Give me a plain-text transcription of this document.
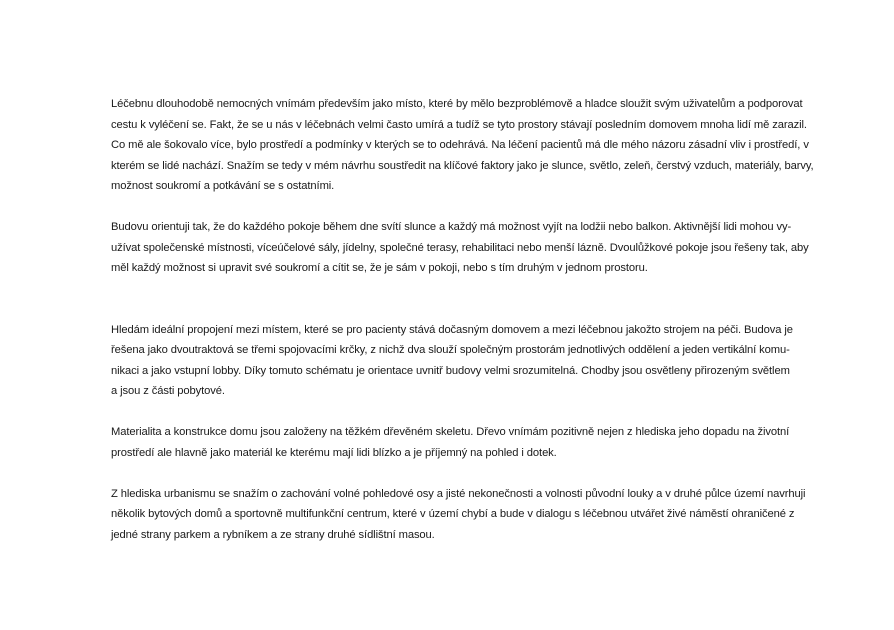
Léčebnu dlouhodobě nemocných vnímám především jako místo, které by mělo bezproblémově a hladce sloužit svým uživatelům a podporovat
cestu k vyléčení se. Fakt, že se u nás v léčebnách velmi často umírá a tudíž se tyto prostory stávají posledním domovem mnoha lidí mě zarazil.
Co mě ale šokovalo více, bylo prostředí a podmínky v kterých se to odehrává. Na léčení pacientů má dle mého názoru zásadní vliv i prostředí, v
kterém se lidé nachází. Snažím se tedy v mém návrhu soustředit na klíčové faktory jako je slunce, světlo, zeleň, čerstvý vzduch, materiály, barvy,
možnost soukromí a potkávání se s ostatními.

Budovu orientuji tak, že do každého pokoje během dne svítí slunce a každý má možnost vyjít na lodžii nebo balkon. Aktivnější lidi mohou vy-
užívat společenské místnosti, víceúčelové sály, jídelny, společné terasy, rehabilitaci nebo menší lázně. Dvoulůžkové pokoje jsou řešeny tak, aby
měl každý možnost si upravit své soukromí a cítit se, že je sám v pokoji, nebo s tím druhým v jednom prostoru.

Hledám ideální propojení mezi místem, které se pro pacienty stává dočasným domovem a mezi léčebnou jakožto strojem na péči. Budova je
řešena jako dvoutraktová se třemi spojovacími krčky, z nichž dva slouží společným prostorám jednotlivých oddělení a jeden vertikální komu-
nikaci a jako vstupní lobby. Díky tomuto schématu je orientace uvnitř budovy velmi srozumitelná. Chodby jsou osvětleny přirozeným světlem
a jsou z části pobytové.

Materialita a konstrukce domu jsou založeny na těžkém dřevěném skeletu. Dřevo vnímám pozitivně nejen z hlediska jeho dopadu na životní
prostředí ale hlavně jako materiál ke kterému mají lidi blízko a je příjemný na pohled i dotek.

Z hlediska urbanismu se snažím o zachování volné pohledové osy a jisté nekonečnosti a volnosti původní louky a v druhé půlce území navrhuji
několik bytových domů a sportovně multifunkční centrum, které v území chybí a bude v dialogu s léčebnou utvářet živé náměstí ohraničené z
jedné strany parkem a rybníkem a ze strany druhé sídlištní masou.
